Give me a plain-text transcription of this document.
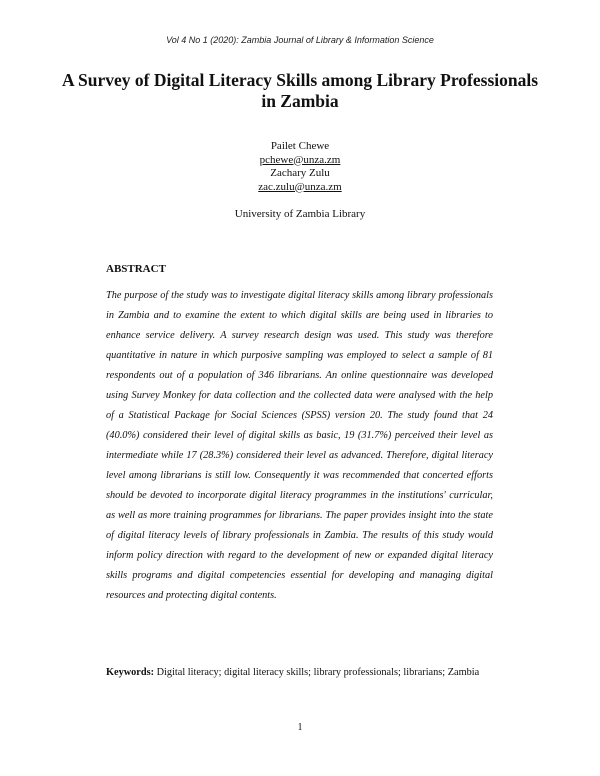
Vol 4 No 1 (2020): Zambia Journal of Library & Information Science
A Survey of Digital Literacy Skills among Library Professionals in Zambia
Pailet Chewe
pchewe@unza.zm
Zachary Zulu
zac.zulu@unza.zm
University of Zambia Library
ABSTRACT

The purpose of the study was to investigate digital literacy skills among library professionals in Zambia and to examine the extent to which digital skills are being used in libraries to enhance service delivery. A survey research design was used. This study was therefore quantitative in nature in which purposive sampling was employed to select a sample of 81 respondents out of a population of 346 librarians. An online questionnaire was developed using Survey Monkey for data collection and the collected data were analysed with the help of a Statistical Package for Social Sciences (SPSS) version 20. The study found that 24 (40.0%) considered their level of digital skills as basic, 19 (31.7%) perceived their level as intermediate while 17 (28.3%) considered their level as advanced. Therefore, digital literacy level among librarians is still low. Consequently it was recommended that concerted efforts should be devoted to incorporate digital literacy programmes in the institutions' curricular, as well as more training programmes for librarians. The paper provides insight into the state of digital literacy levels of library professionals in Zambia. The results of this study would inform policy direction with regard to the development of new or expanded digital literacy skills programs and digital competencies essential for developing and managing digital resources and protecting digital contents.

Keywords: Digital literacy; digital literacy skills; library professionals; librarians; Zambia

1
